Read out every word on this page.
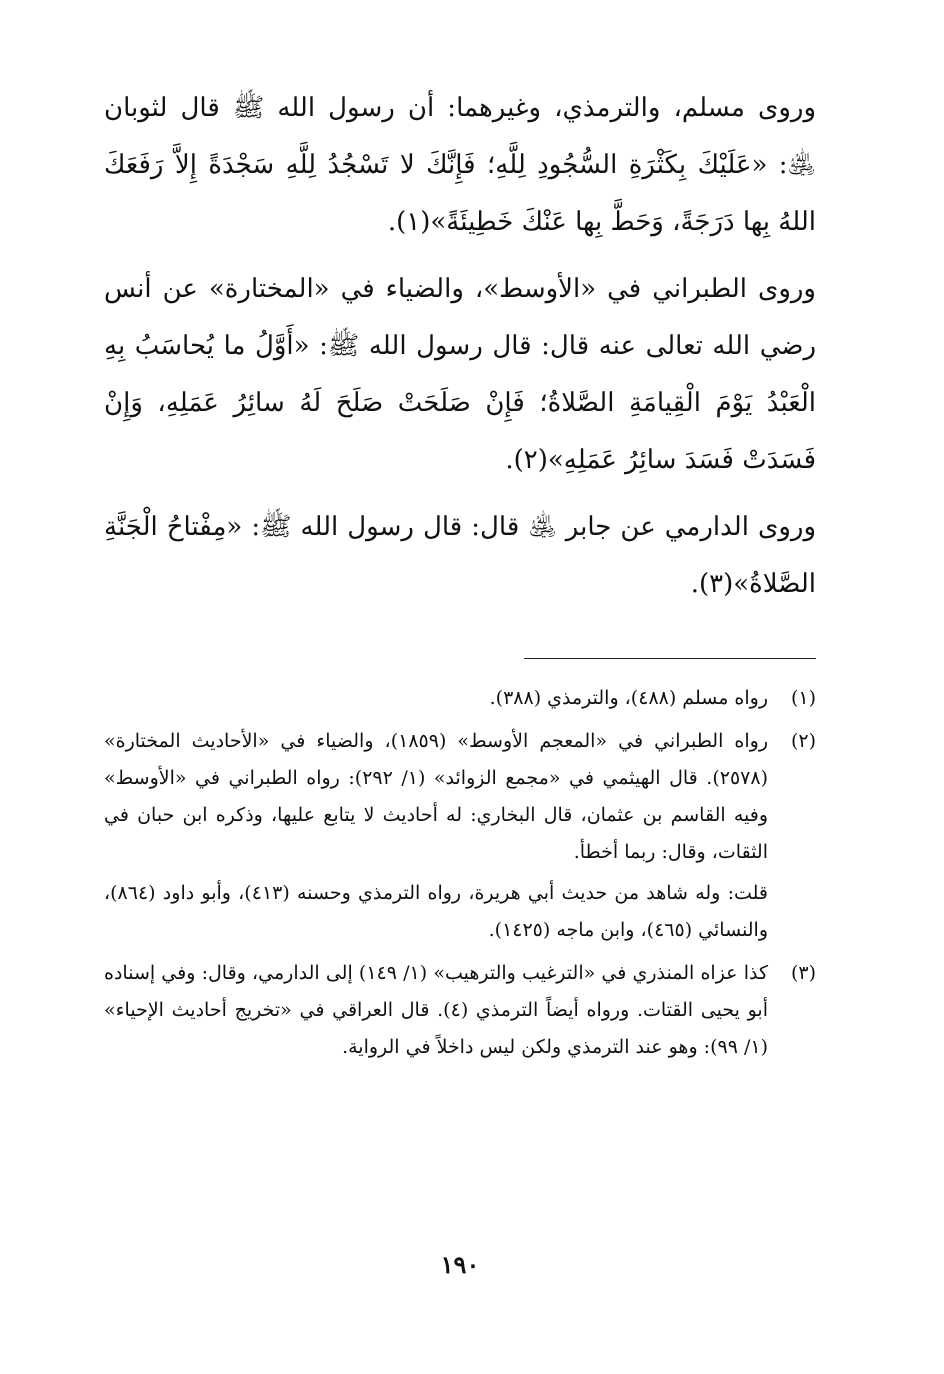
وروى مسلم، والترمذي، وغيرهما: أن رسول الله ﷺ قال لثوبان ﵁: «عَلَيْكَ بِكَثْرَةِ السُّجُودِ لِلَّهِ؛ فَإِنَّكَ لا تَسْجُدُ لِلَّهِ سَجْدَةً إِلاَّ رَفَعَكَ اللهُ بِها دَرَجَةً، وَحَطَّ بِها عَنْكَ خَطِيئَةً»(١).

وروى الطبراني في «الأوسط»، والضياء في «المختارة» عن أنس رضي الله تعالى عنه قال: قال رسول الله ﷺ: «أَوَّلُ ما يُحاسَبُ بِهِ الْعَبْدُ يَوْمَ الْقِيامَةِ الصَّلاةُ؛ فَإِنْ صَلَحَتْ صَلَحَ لَهُ سائِرُ عَمَلِهِ، وَإِنْ فَسَدَتْ فَسَدَ سائِرُ عَمَلِهِ»(٢).

وروى الدارمي عن جابر ﵁ قال: قال رسول الله ﷺ: «مِفْتاحُ الْجَنَّةِ الصَّلاةُ»(٣).

(١)

رواه مسلم (٤٨٨)، والترمذي (٣٨٨).

(٢)

رواه الطبراني في «المعجم الأوسط» (١٨٥٩)، والضياء في «الأحاديث المختارة» (٢٥٧٨). قال الهيثمي في «مجمع الزوائد» (١/ ٢٩٢): رواه الطبراني في «الأوسط» وفيه القاسم بن عثمان، قال البخاري: له أحاديث لا يتابع عليها، وذكره ابن حبان في الثقات، وقال: ربما أخطأ.

قلت: وله شاهد من حديث أبي هريرة، رواه الترمذي وحسنه (٤١٣)، وأبو داود (٨٦٤)، والنسائي (٤٦٥)، وابن ماجه (١٤٢٥).

(٣)

كذا عزاه المنذري في «الترغيب والترهيب» (١/ ١٤٩) إلى الدارمي، وقال: وفي إسناده أبو يحيى القتات. ورواه أيضاً الترمذي (٤). قال العراقي في «تخريج أحاديث الإحياء» (١/ ٩٩): وهو عند الترمذي ولكن ليس داخلاً في الرواية.

١٩٠
